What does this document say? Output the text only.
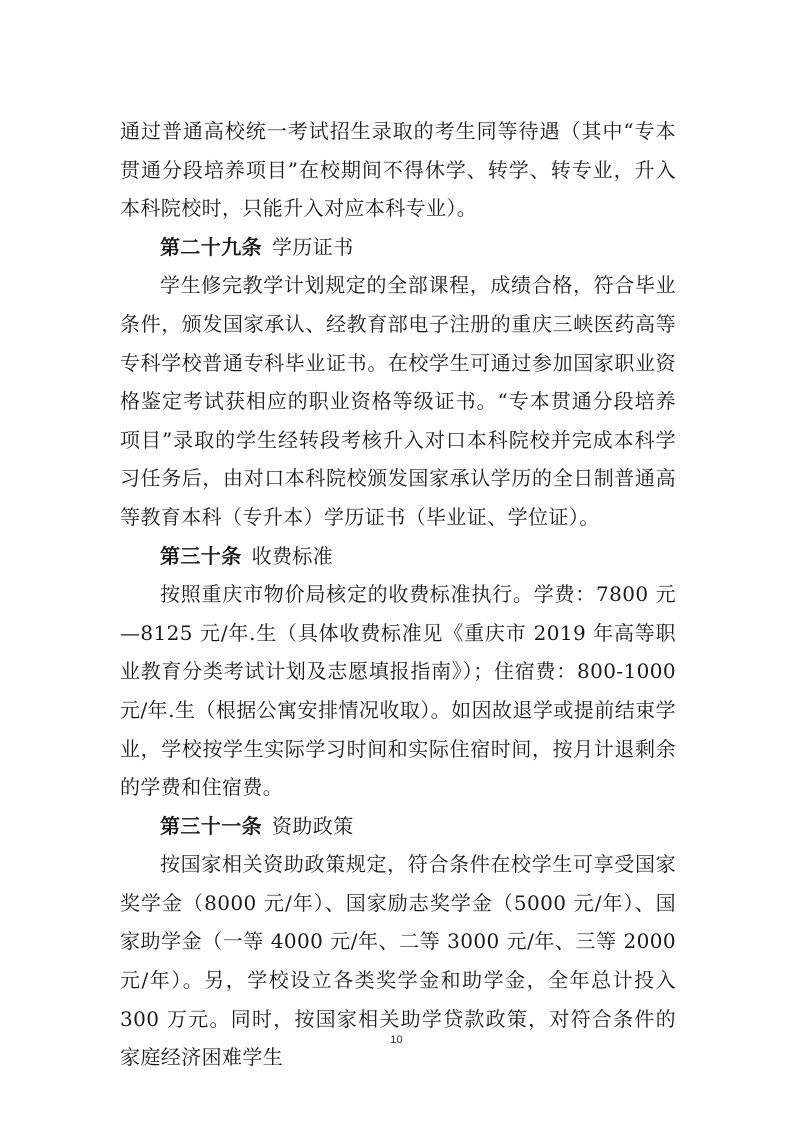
通过普通高校统一考试招生录取的考生同等待遇（其中“专本贯通分段培养项目”在校期间不得休学、转学、转专业，升入本科院校时，只能升入对应本科专业）。

第二十九条 学历证书

学生修完教学计划规定的全部课程，成绩合格，符合毕业条件，颁发国家承认、经教育部电子注册的重庆三峡医药高等专科学校普通专科毕业证书。在校学生可通过参加国家职业资格鉴定考试获相应的职业资格等级证书。“专本贯通分段培养项目”录取的学生经转段考核升入对口本科院校并完成本科学习任务后，由对口本科院校颁发国家承认学历的全日制普通高等教育本科（专升本）学历证书（毕业证、学位证）。

第三十条 收费标准

按照重庆市物价局核定的收费标准执行。学费：7800 元—8125 元/年.生（具体收费标准见《重庆市 2019 年高等职业教育分类考试计划及志愿填报指南》）；住宿费：800-1000 元/年.生（根据公寓安排情况收取）。如因故退学或提前结束学业，学校按学生实际学习时间和实际住宿时间，按月计退剩余的学费和住宿费。

第三十一条 资助政策

按国家相关资助政策规定，符合条件在校学生可享受国家奖学金（8000 元/年）、国家励志奖学金（5000 元/年）、国家助学金（一等 4000 元/年、二等 3000 元/年、三等 2000 元/年）。另，学校设立各类奖学金和助学金，全年总计投入 300 万元。同时，按国家相关助学贷款政策，对符合条件的家庭经济困难学生

10
